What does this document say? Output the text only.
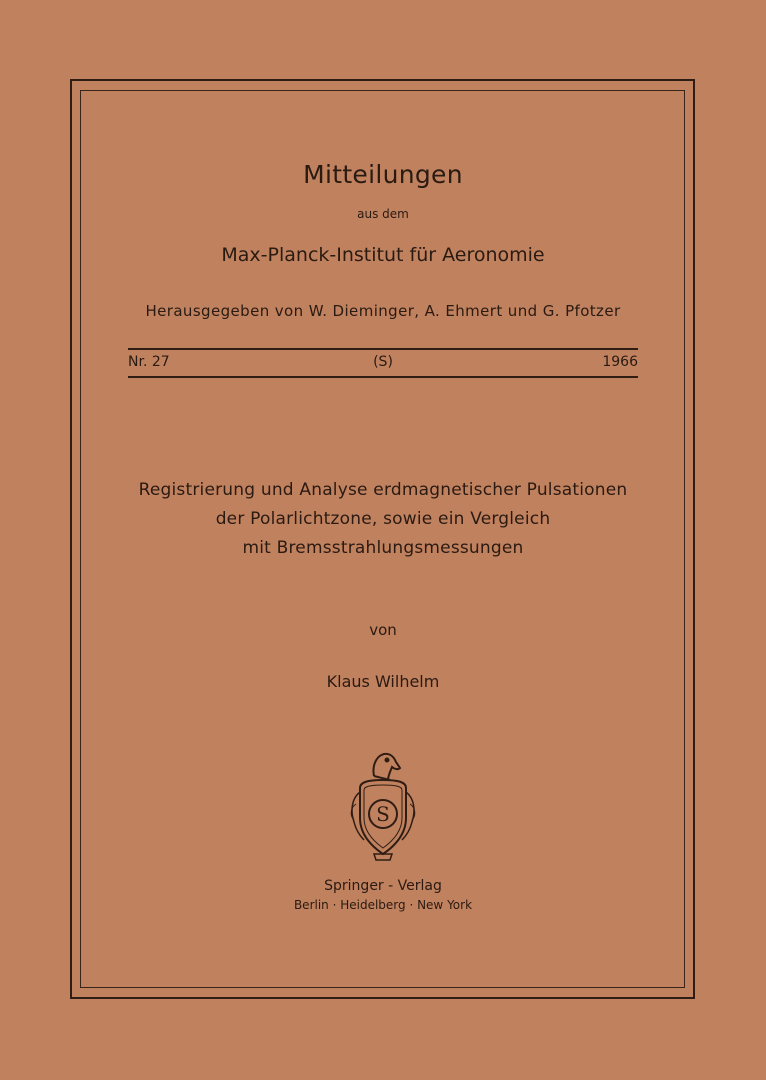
Mitteilungen
aus dem
Max-Planck-Institut für Aeronomie
Herausgegeben von W. Dieminger, A. Ehmert und G. Pfotzer
Nr. 27	(S)	1966
Registrierung und Analyse erdmagnetischer Pulsationen
der Polarlichtzone, sowie ein Vergleich
mit Bremsstrahlungsmessungen
von
Klaus Wilhelm
S
Springer - Verlag
Berlin · Heidelberg · New York
